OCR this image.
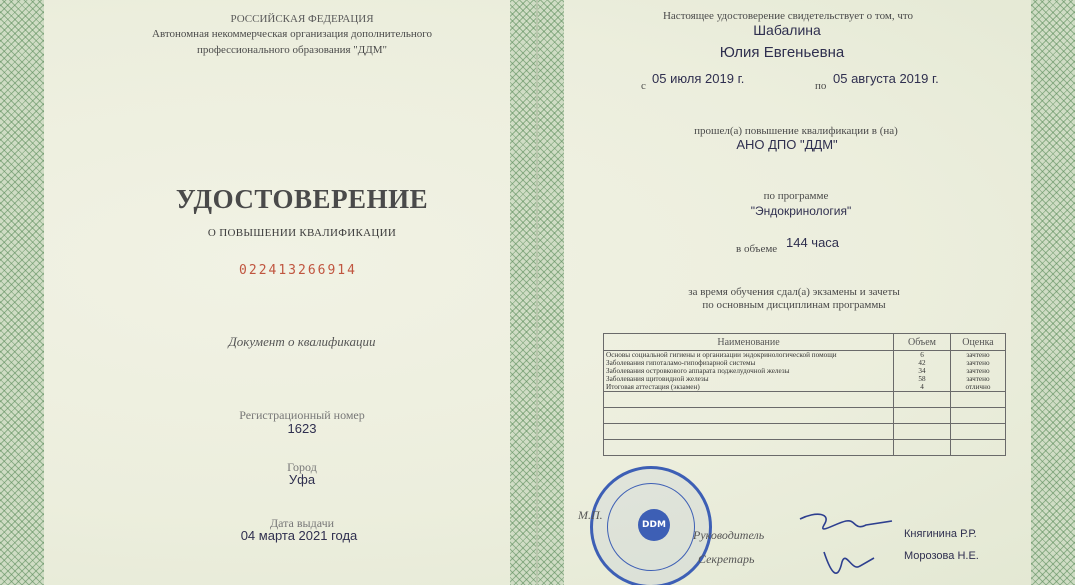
РОССИЙСКАЯ ФЕДЕРАЦИЯ
Автономная некоммерческая организация дополнительного
профессионального образования "ДДМ"
УДОСТОВЕРЕНИЕ
О ПОВЫШЕНИИ КВАЛИФИКАЦИИ
022413266914
Документ о квалификации
Регистрационный номер
1623
Город
Уфа
Дата выдачи
04 марта 2021 года
Настоящее удостоверение свидетельствует о том, что
Шабалина
Юлия Евгеньевна
с 05 июля 2019 г.	по 05 августа 2019 г.
прошел(а) повышение квалификации в (на)
АНО ДПО "ДДМ"
по программе
"Эндокринология"
в объеме 144 часа
за время обучения сдал(а) экзамены и зачеты
по основным дисциплинам программы
Наименование	Объем	Оценка
Основы социальной гигиены и организации эндокринологической помощи	6	зачтено
Заболевания гипоталамо-гипофизарной системы	42	зачтено
Заболевания островкового аппарата поджелудочной железы	34	зачтено
Заболевания щитовидной железы	58	зачтено
Итоговая аттестация (экзамен)	4	отлично

DDM
М.П.
Руководитель
Секретарь
Княгинина Р.Р.
Морозова Н.Е.
